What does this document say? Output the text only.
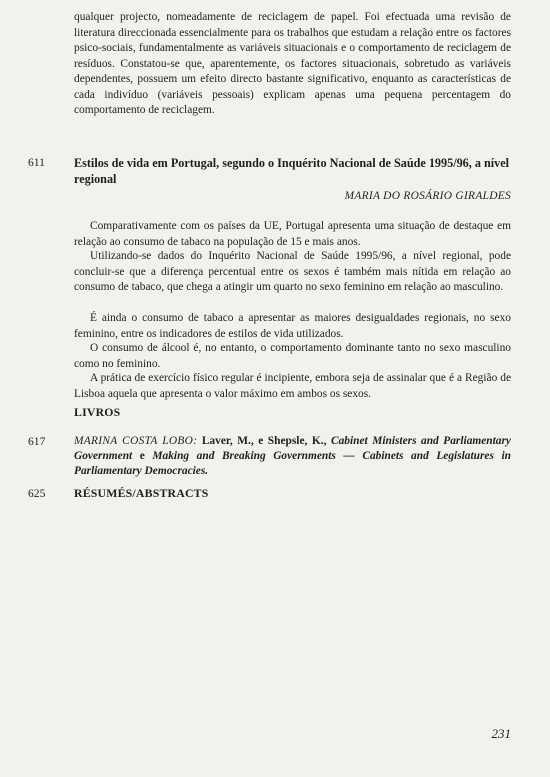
qualquer projecto, nomeadamente de reciclagem de papel. Foi efectuada uma revisão de literatura direccionada essencialmente para os trabalhos que estudam a relação entre os factores psico-sociais, fundamentalmente as variáveis situacionais e o comportamento de reciclagem de resíduos. Constatou-se que, aparentemente, os factores situacionais, sobretudo as variáveis dependentes, possuem um efeito directo bastante significativo, enquanto as características de cada indivíduo (variáveis pessoais) explicam apenas uma pequena percentagem do comportamento de reciclagem.

611	Estilos de vida em Portugal, segundo o Inquérito Nacional de Saúde 1995/96, a nível regional

MARIA DO ROSÁRIO GIRALDES

Comparativamente com os países da UE, Portugal apresenta uma situação de destaque em relação ao consumo de tabaco na população de 15 e mais anos.

Utilizando-se dados do Inquérito Nacional de Saúde 1995/96, a nível regional, pode concluir-se que a diferença percentual entre os sexos é também mais nítida em relação ao consumo de tabaco, que chega a atingir um quarto no sexo feminino em relação ao masculino.

É ainda o consumo de tabaco a apresentar as maiores desigualdades regionais, no sexo feminino, entre os indicadores de estilos de vida utilizados.

O consumo de álcool é, no entanto, o comportamento dominante tanto no sexo masculino como no feminino.

A prática de exercício físico regular é incipiente, embora seja de assinalar que é a Região de Lisboa aquela que apresenta o valor máximo em ambos os sexos.

LIVROS
617	MARINA COSTA LOBO: Laver, M., e Shepsle, K., Cabinet Ministers and Parliamentary Government e Making and Breaking Governments — Cabinets and Legislatures in Parliamentary Democracies.

625	RÉSUMÉS/ABSTRACTS
231
